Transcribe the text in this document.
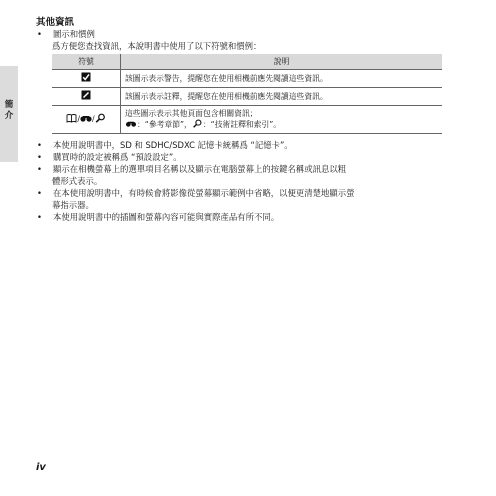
簡介
其他資訊
•	圖示和慣例
爲方便您查找資訊，本說明書中使用了以下符號和慣例：
符號	說明
	該圖示表示警告，提醒您在使用相機前應先閱讀這些資訊。
	該圖示表示註釋，提醒您在使用相機前應先閱讀這些資訊。
/ /	這些圖示表示其他頁面包含相關資訊；
：“參考章節”， ：“技術註釋和索引”。
•	本使用說明書中，SD 和 SDHC/SDXC 記憶卡統稱爲 “記憶卡”。
•	購買時的設定被稱爲 “預設設定”。
•	顯示在相機螢幕上的選單項目名稱以及顯示在電腦螢幕上的按鍵名稱或訊息以粗
體形式表示。
•	在本使用說明書中，有時候會將影像從螢幕顯示範例中省略，以便更清楚地顯示螢
幕指示器。
•	本使用說明書中的插圖和螢幕內容可能與實際產品有所不同。
iv
